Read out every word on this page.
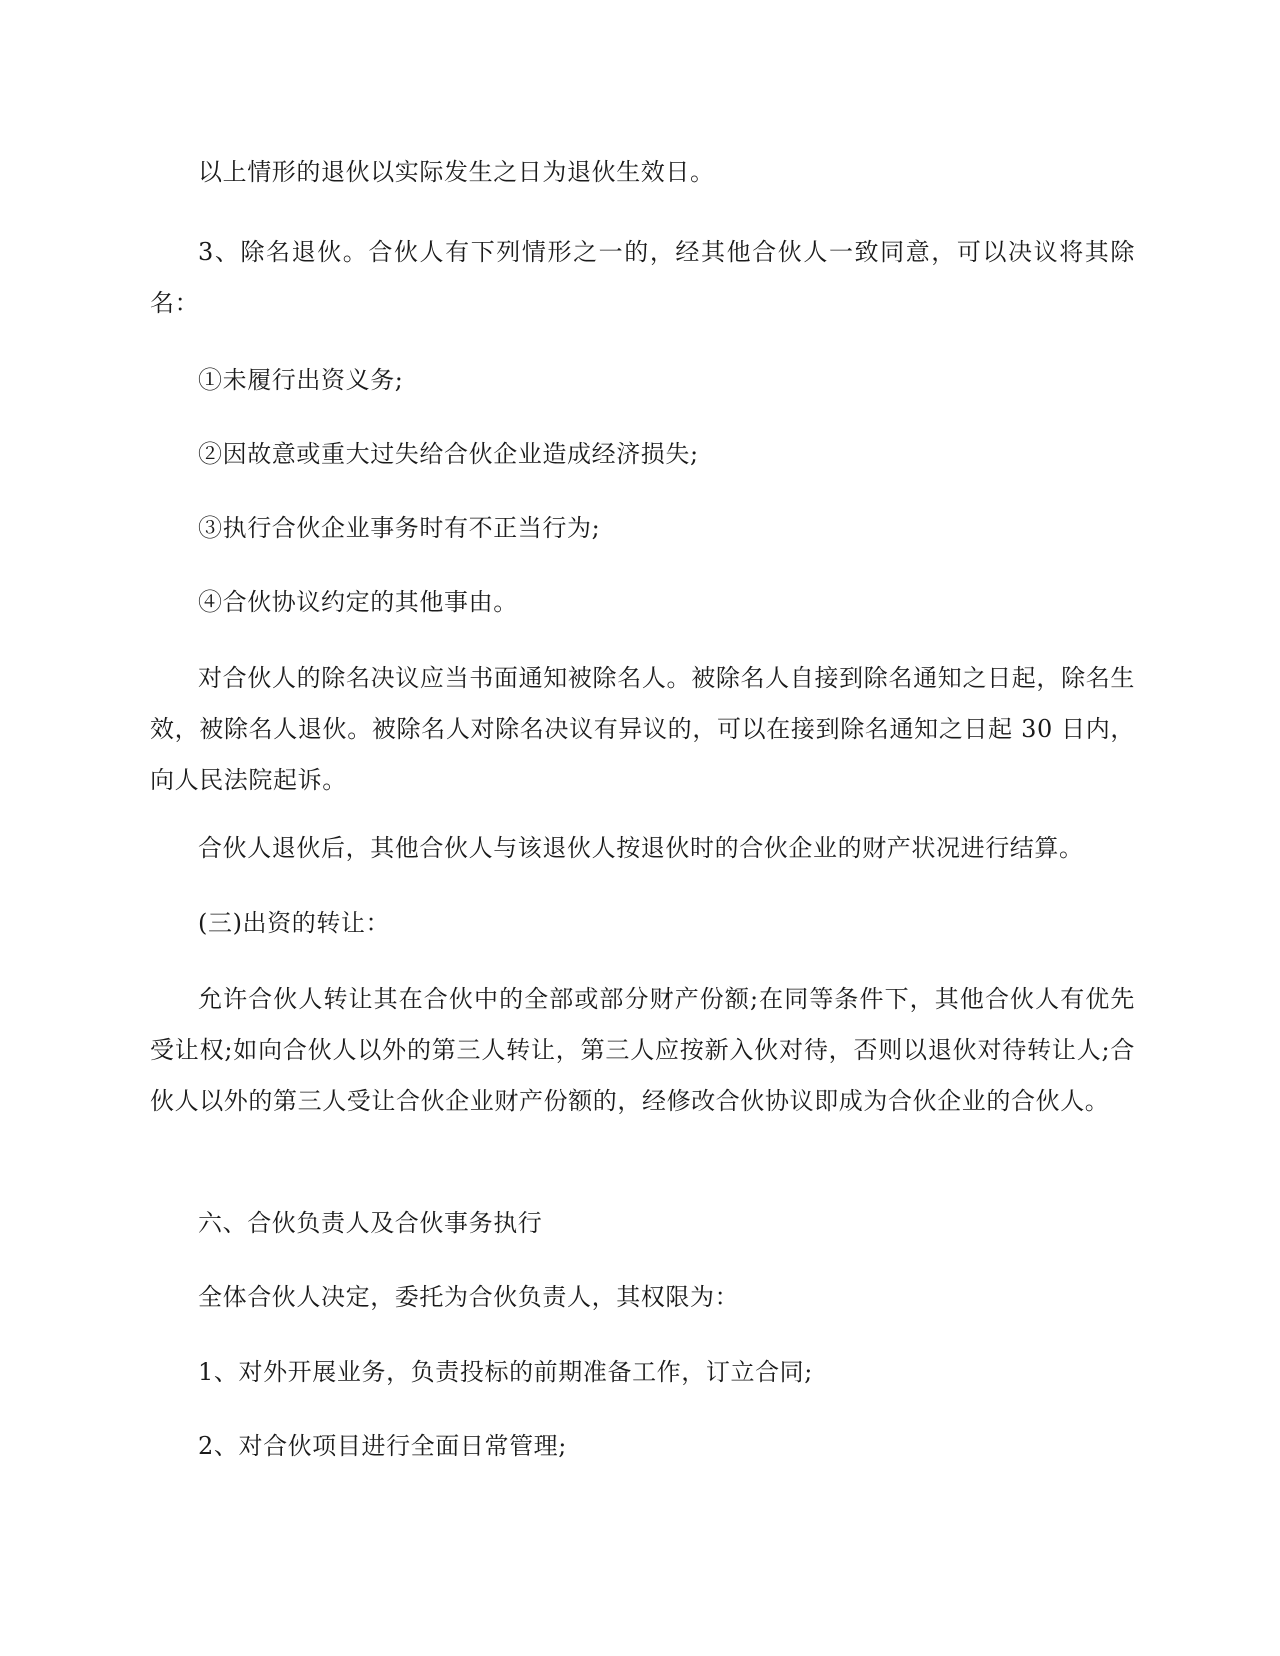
以上情形的退伙以实际发生之日为退伙生效日。

3、除名退伙。合伙人有下列情形之一的，经其他合伙人一致同意，可以决议将其除名：

①未履行出资义务;

②因故意或重大过失给合伙企业造成经济损失;

③执行合伙企业事务时有不正当行为;

④合伙协议约定的其他事由。

对合伙人的除名决议应当书面通知被除名人。被除名人自接到除名通知之日起，除名生效，被除名人退伙。被除名人对除名决议有异议的，可以在接到除名通知之日起 30 日内，向人民法院起诉。

合伙人退伙后，其他合伙人与该退伙人按退伙时的合伙企业的财产状况进行结算。

(三)出资的转让：

允许合伙人转让其在合伙中的全部或部分财产份额;在同等条件下，其他合伙人有优先受让权;如向合伙人以外的第三人转让，第三人应按新入伙对待，否则以退伙对待转让人;合伙人以外的第三人受让合伙企业财产份额的，经修改合伙协议即成为合伙企业的合伙人。

六、合伙负责人及合伙事务执行

全体合伙人决定，委托为合伙负责人，其权限为：

1、对外开展业务，负责投标的前期准备工作，订立合同;

2、对合伙项目进行全面日常管理;
